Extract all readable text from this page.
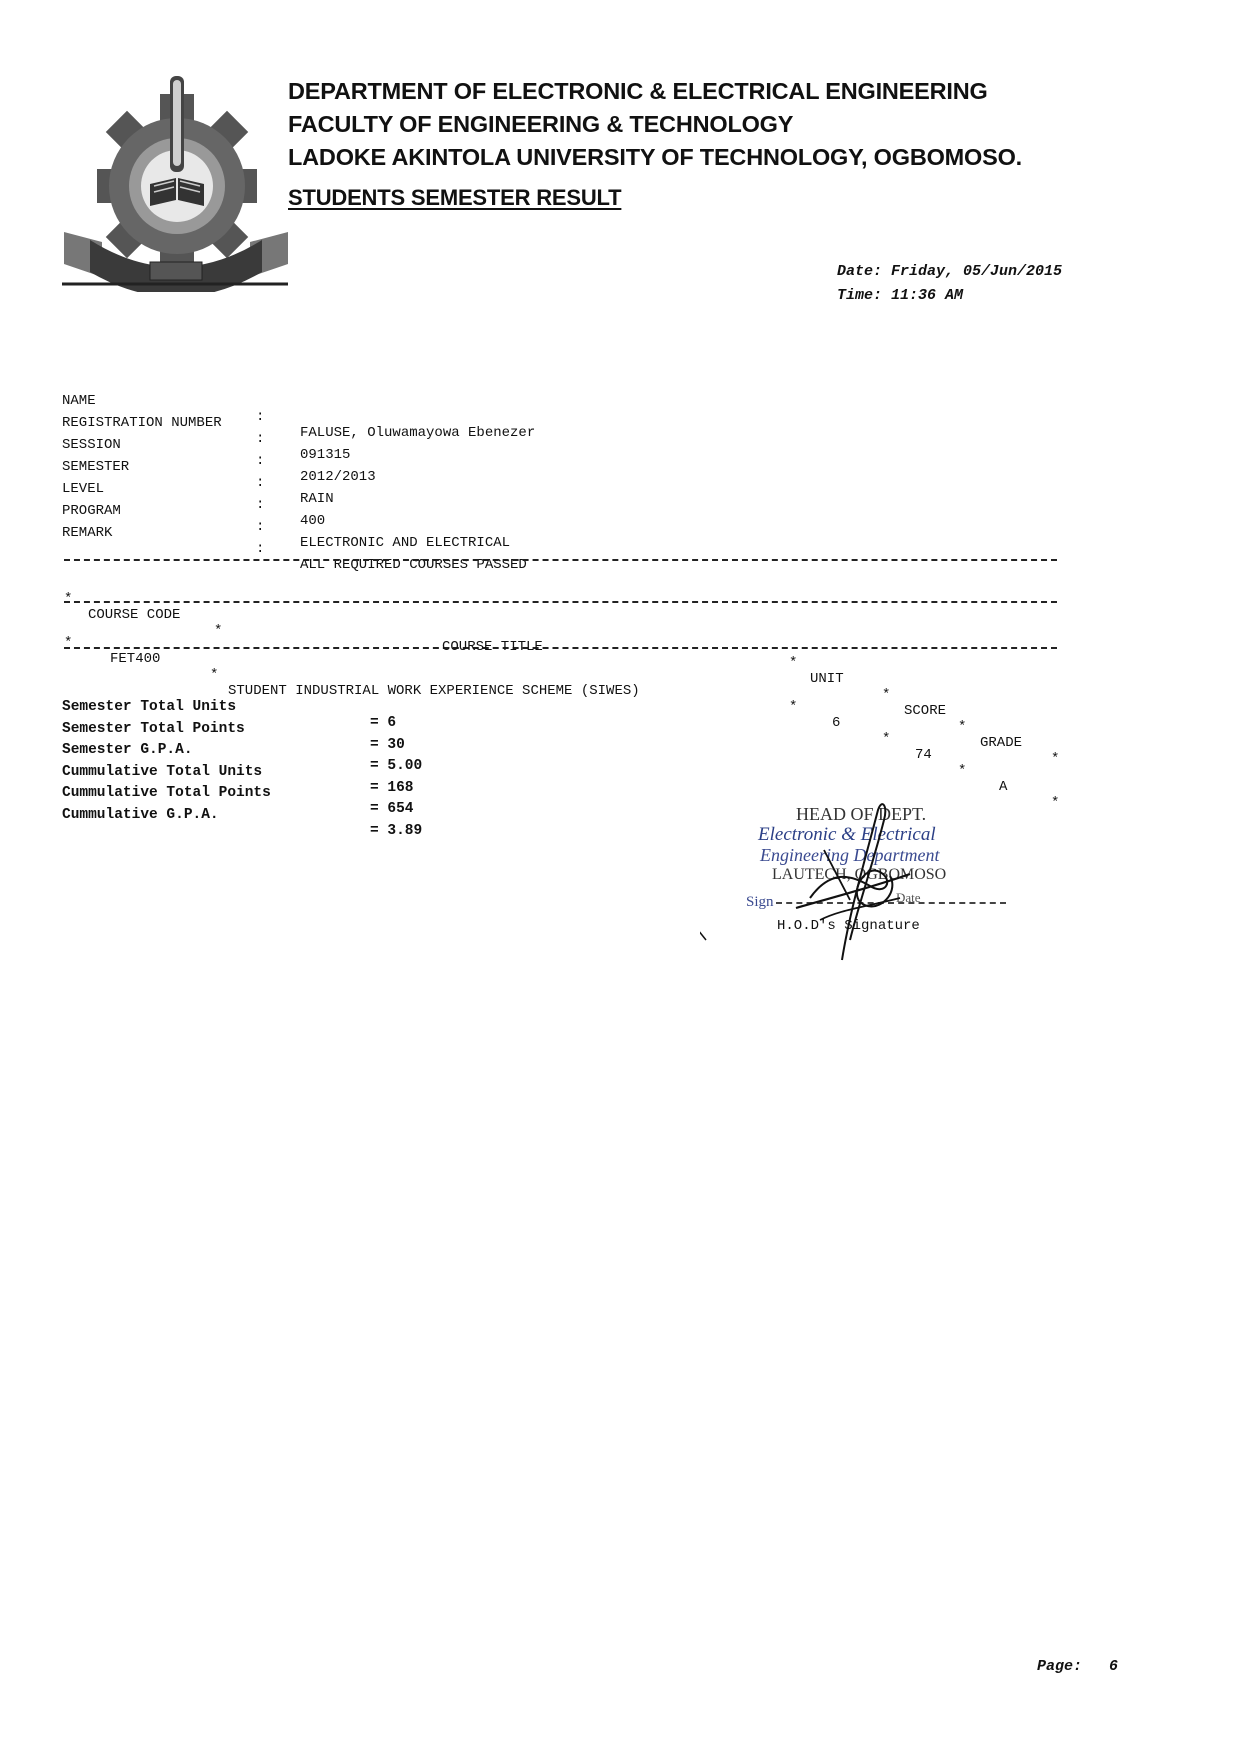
DEPARTMENT OF ELECTRONIC & ELECTRICAL ENGINEERING
FACULTY OF ENGINEERING & TECHNOLOGY
LADOKE AKINTOLA UNIVERSITY OF TECHNOLOGY, OGBOMOSO.
STUDENTS SEMESTER RESULT
Date: Friday, 05/Jun/2015
Time: 11:36 AM

NAME

:

FALUSE, Oluwamayowa Ebenezer

REGISTRATION NUMBER

:

091315

SESSION

:

2012/2013

SEMESTER

:

RAIN

LEVEL

:

400

PROGRAM

:

ELECTRONIC AND ELECTRICAL

REMARK

:

ALL REQUIRED COURSES PASSED

*

COURSE CODE

*

COURSE TITLE

*

UNIT

*

SCORE

*

GRADE

*

*

FET400

*

STUDENT INDUSTRIAL WORK EXPERIENCE SCHEME (SIWES)

*

6

*

74

*

A

*

Semester Total Units

= 6

Semester Total Points

= 30

Semester G.P.A.

= 5.00

Cummulative Total Units

= 168

Cummulative Total Points

= 654

Cummulative G.P.A.

= 3.89

HEAD OF DEPT.
Electronic & Electrical
Engineering Department
LAUTECH, OGBOMOSO
Sign	Date
H.O.D's Signature
Page: 6
